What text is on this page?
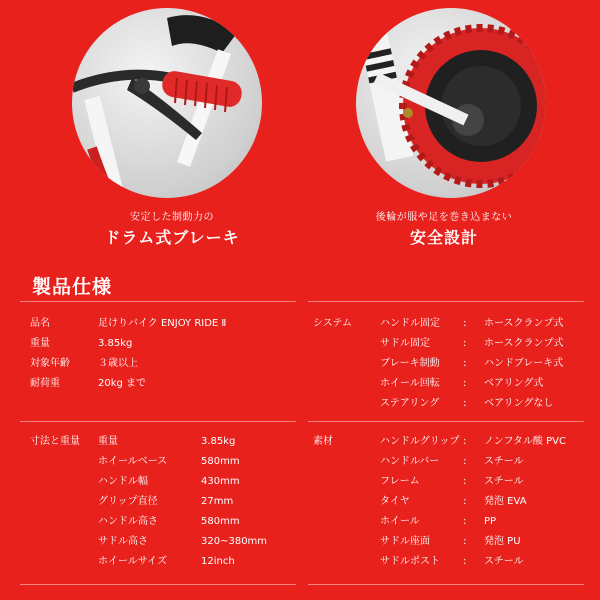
安定した制動力の
ドラム式ブレーキ
後輪が服や足を巻き込まない
安全設計
製品仕様
品名	足けりバイク ENJOY RIDE Ⅱ
重量	3.85kg
対象年齢	３歳以上
耐荷重	20kg まで
システム	ハンドル固定 : ホースクランプ式
サドル固定	: ホースクランプ式
ブレーキ制動 : ハンドブレーキ式
ホイール回転 : ベアリング式
ステアリング : ベアリングなし
寸法と重量 重量	3.85kg
ホイールベース	580mm
ハンドル幅	430mm
グリップ直径	27mm
ハンドル高さ	580mm
サドル高さ	320~380mm
ホイールサイズ	12inch
素材	ハンドルグリップ : ノンフタル酸 PVC
ハンドルバー : スチール
フレーム	: スチール
タイヤ	: 発泡 EVA
ホイール	: PP
サドル座面	: 発泡 PU
サドルポスト : スチール
